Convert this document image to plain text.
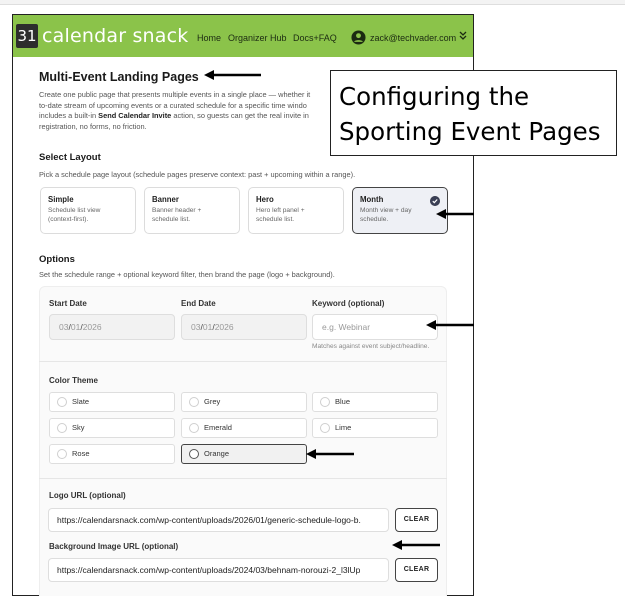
31 calendar snack Home Organizer Hub Docs+FAQ	zack@techvader.com
Multi-Event Landing Pages
Create one public page that presents multiple events in a single place — whether it
to-date stream of upcoming events or a curated schedule for a specific time windo
includes a built-in Send Calendar Invite action, so guests can get the real invite in
registration, no forms, no friction.
Select Layout
Pick a schedule page layout (schedule pages preserve context: past + upcoming within a range).
Simple
Schedule list view (context-first).
Banner
Banner header + schedule list.
Hero
Hero left panel + schedule list.
Month
Month view + day schedule.
Options
Set the schedule range + optional keyword filter, then brand the page (logo + background).
Start Date	End Date	Keyword (optional)
03/01/2026	03/01/2026	e.g. Webinar
Matches against event subject/headline.
Color Theme
Slate	Grey	Blue
Sky	Emerald	Lime
Rose	Orange
Logo URL (optional)
https://calendarsnack.com/wp-content/uploads/2026/01/generic-schedule-logo-b.	CLEAR
Background Image URL (optional)
https://calendarsnack.com/wp-content/uploads/2024/03/behnam-norouzi-2_l3lUp	CLEAR
Configuring the
Sporting Event Pages
